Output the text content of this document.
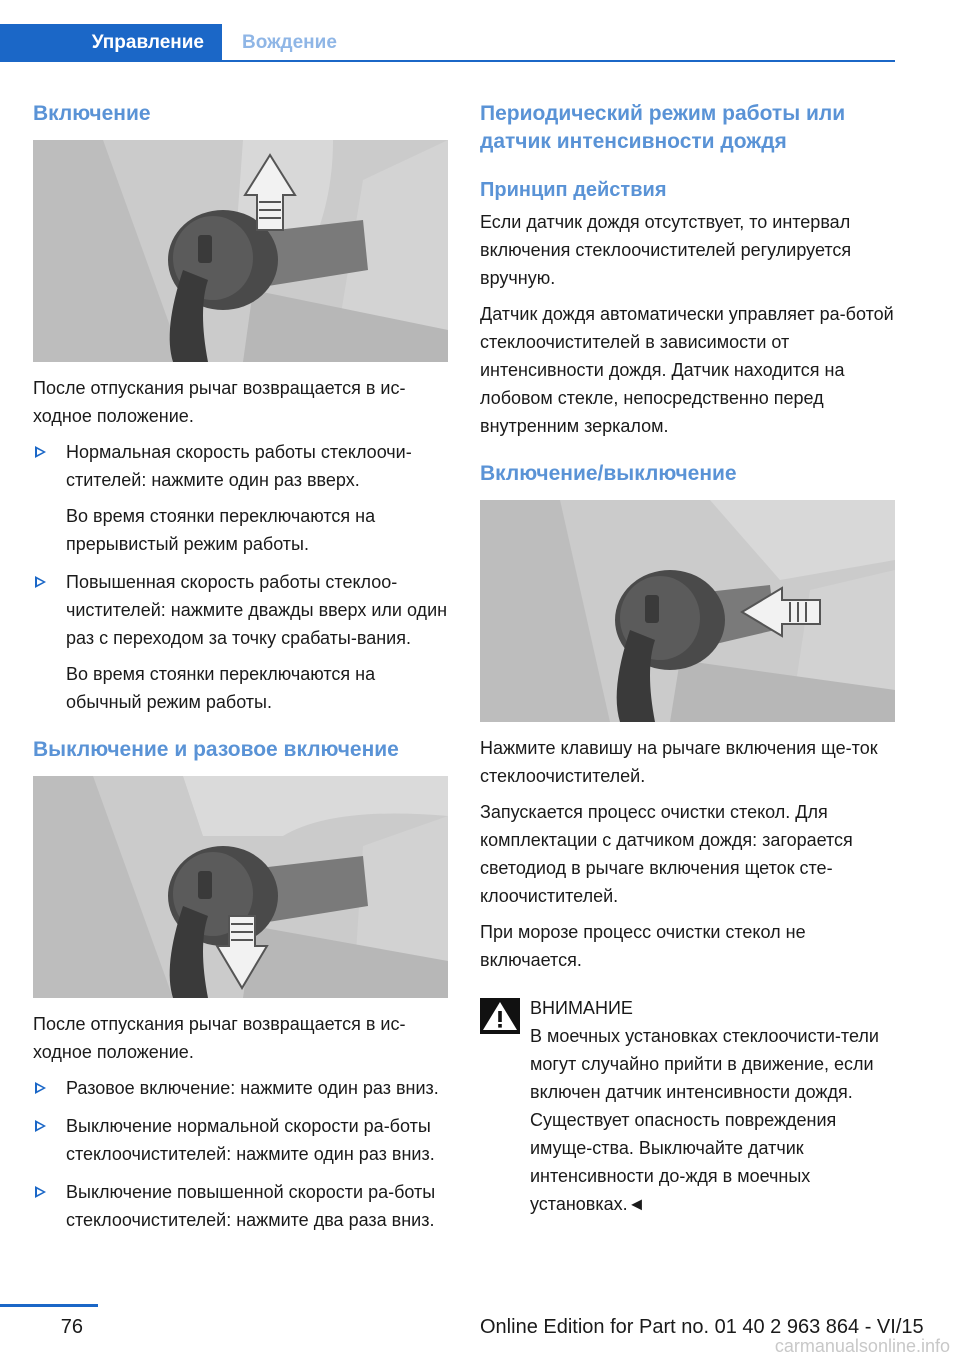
Управление	Вождение
Включение

После отпускания рычаг возвращается в ис-ходное положение.

Нормальная скорость работы стеклоочи-стителей: нажмите один раз вверх.
Во время стоянки переключаются на прерывистый режим работы.
Повышенная скорость работы стеклоо-чистителей: нажмите дважды вверх или один раз с переходом за точку срабаты-вания.
Во время стоянки переключаются на обычный режим работы.
Выключение и разовое включение

После отпускания рычаг возвращается в ис-ходное положение.

Разовое включение: нажмите один раз вниз.
Выключение нормальной скорости ра-боты стеклоочистителей: нажмите один раз вниз.
Выключение повышенной скорости ра-боты стеклоочистителей: нажмите два раза вниз.
Периодический режим работы или датчик интенсивности дождя
Принцип действия

Если датчик дождя отсутствует, то интервал включения стеклоочистителей регулируется вручную.

Датчик дождя автоматически управляет ра-ботой стеклоочистителей в зависимости от интенсивности дождя. Датчик находится на лобовом стекле, непосредственно перед внутренним зеркалом.

Включение/выключение

Нажмите клавишу на рычаге включения ще-ток стеклоочистителей.

Запускается процесс очистки стекол. Для комплектации с датчиком дождя: загорается светодиод в рычаге включения щеток сте-клоочистителей.

При морозе процесс очистки стекол не включается.

ВНИМАНИЕ
В моечных установках стеклоочисти-тели могут случайно прийти в движение, если включен датчик интенсивности дождя. Существует опасность повреждения имуще-ства. Выключайте датчик интенсивности до-ждя в моечных установках.◄
76	Online Edition for Part no. 01 40 2 963 864 - VI/15
carmanualsonline.info
